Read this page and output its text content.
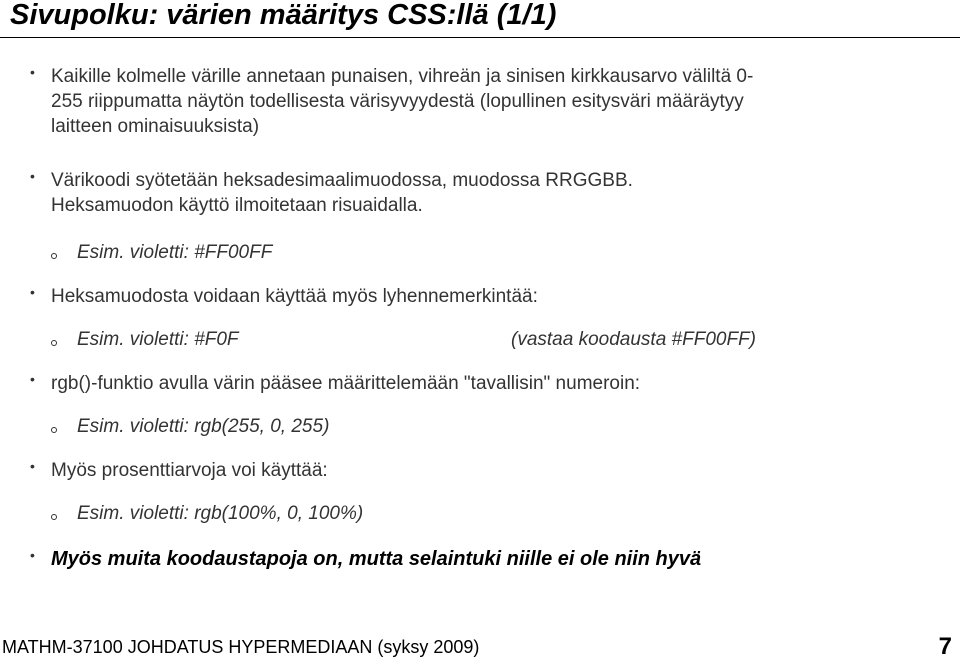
Sivupolku: värien määritys CSS:llä (1/1)
• Kaikille kolmelle värille annetaan punaisen, vihreän ja sinisen kirkkausarvo väliltä 0-
255 riippumatta näytön todellisesta värisyvyydestä (lopullinen esitysväri määräytyy
laitteen ominaisuuksista)
• Värikoodi syötetään heksadesimaalimuodossa, muodossa RRGGBB.
Heksamuodon käyttö ilmoitetaan risuaidalla.
Esim. violetti: #FF00FF
• Heksamuodosta voidaan käyttää myös lyhennemerkintää:
Esim. violetti: #F0F	(vastaa koodausta #FF00FF)
• rgb()-funktio avulla värin pääsee määrittelemään "tavallisin" numeroin:
Esim. violetti: rgb(255, 0, 255)
• Myös prosenttiarvoja voi käyttää:
Esim. violetti: rgb(100%, 0, 100%)
• Myös muita koodaustapoja on, mutta selaintuki niille ei ole niin hyvä
MATHM-37100 JOHDATUS HYPERMEDIAAN (syksy 2009)	7
